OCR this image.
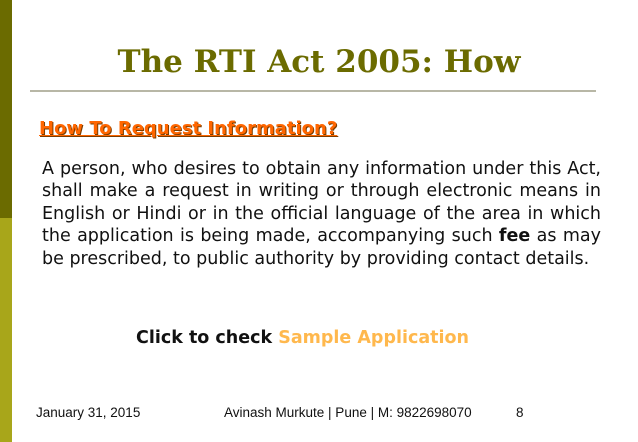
The RTI Act 2005: How
How To Request Information?

A person, who desires to obtain any information under this Act, shall make a request in writing or through electronic means in English or Hindi or in the official language of the area in which the application is being made, accompanying such fee as may be prescribed, to public authority by providing contact details.

Click to check Sample Application
January 31, 2015	Avinash Murkute | Pune | M: 9822698070	8
